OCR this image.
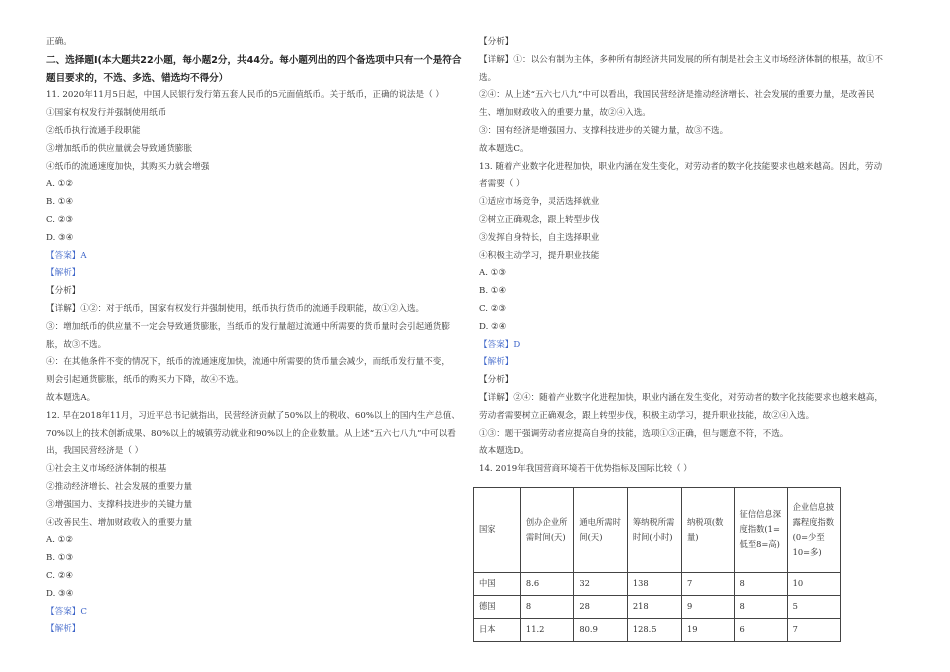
正确。
二、选择题Ⅰ(本大题共22小题，每小题2分，共44分。每小题列出的四个备选项中只有一个是符合
题目要求的，不选、多选、错选均不得分）
11. 2020年11月5日起，中国人民银行发行第五套人民币的5元面值纸币。关于纸币，正确的说法是（ ）
①国家有权发行并强制使用纸币
②纸币执行流通手段职能
③增加纸币的供应量就会导致通货膨胀
④纸币的流通速度加快，其购买力就会增强
A. ①②
B. ①④
C. ②③
D. ③④
【答案】A
【解析】
【分析】
【详解】①②：对于纸币，国家有权发行并强制使用，纸币执行货币的流通手段职能，故①②入选。
③：增加纸币的供应量不一定会导致通货膨胀，当纸币的发行量超过流通中所需要的货币量时会引起通货膨
胀，故③不选。
④：在其他条件不变的情况下，纸币的流通速度加快，流通中所需要的货币量会减少，而纸币发行量不变，
则会引起通货膨胀，纸币的购买力下降，故④不选。
故本题选A。
12. 早在2018年11月，习近平总书记就指出，民营经济贡献了50%以上的税收、60%以上的国内生产总值、
70%以上的技术创新成果、80%以上的城镇劳动就业和90%以上的企业数量。从上述“五六七八九”中可以看
出，我国民营经济是（ ）
①社会主义市场经济体制的根基
②推动经济增长、社会发展的重要力量
③增强国力、支撑科技进步的关键力量
④改善民生、增加财政收入的重要力量
A. ①②
B. ①③
C. ②④
D. ③④
【答案】C
【解析】
【分析】
【详解】①：以公有制为主体，多种所有制经济共同发展的所有制是社会主义市场经济体制的根基，故①不
选。
②④：从上述“五六七八九”中可以看出，我国民营经济是推动经济增长、社会发展的重要力量，是改善民
生、增加财政收入的重要力量，故②④入选。
③：国有经济是增强国力、支撑科技进步的关键力量，故③不选。
故本题选C。
13. 随着产业数字化进程加快，职业内涵在发生变化，对劳动者的数字化技能要求也越来越高。因此，劳动
者需要（ ）
①适应市场竞争，灵活选择就业
②树立正确观念，跟上转型步伐
③发挥自身特长，自主选择职业
④积极主动学习，提升职业技能
A. ①③
B. ①④
C. ②③
D. ②④
【答案】D
【解析】
【分析】
【详解】②④：随着产业数字化进程加快，职业内涵在发生变化，对劳动者的数字化技能要求也越来越高，
劳动者需要树立正确观念，跟上转型步伐，积极主动学习，提升职业技能，故②④入选。
①③：题干强调劳动者应提高自身的技能，选项①③正确，但与题意不符，不选。
故本题选D。
14. 2019年我国营商环境若干优势指标及国际比较（ ）
国家	创办企业所需时间(天)	通电所需时间(天)	筹纳税所需时间(小时)	纳税项(数量)	征信信息深度指数(1=低至8=高)	企业信息披露程度指数(0=少至10=多)
中国	8.6	32	138	7	8	10
德国	8	28	218	9	8	5
日本	11.2	80.9	128.5	19	6	7
